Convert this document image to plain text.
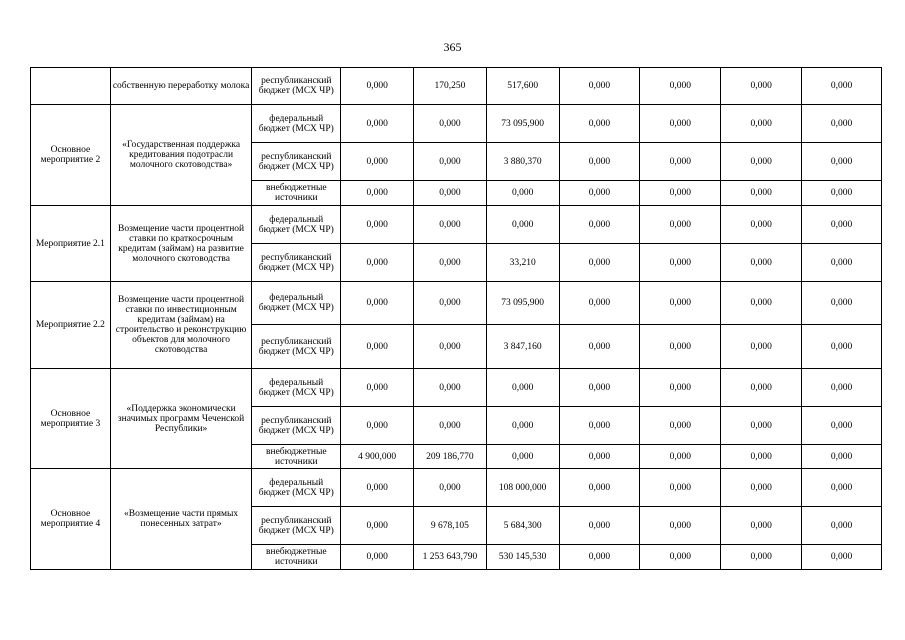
365
	собственную переработку молока	республиканский бюджет (МСХ ЧР)	0,000	170,250	517,600	0,000	0,000	0,000	0,000
Основное мероприятие 2	«Государственная поддержка кредитования подотрасли молочного скотоводства»	федеральный бюджет (МСХ ЧР)	0,000	0,000	73 095,900	0,000	0,000	0,000	0,000
		республиканский бюджет (МСХ ЧР)	0,000	0,000	3 880,370	0,000	0,000	0,000	0,000
		внебюджетные источники	0,000	0,000	0,000	0,000	0,000	0,000	0,000
Мероприятие 2.1	Возмещение части процентной ставки по краткосрочным кредитам (займам) на развитие молочного скотоводства	федеральный бюджет (МСХ ЧР)	0,000	0,000	0,000	0,000	0,000	0,000	0,000
		республиканский бюджет (МСХ ЧР)	0,000	0,000	33,210	0,000	0,000	0,000	0,000
Мероприятие 2.2	Возмещение части процентной ставки по инвестиционным кредитам (займам) на строительство и реконструкцию объектов для молочного скотоводства	федеральный бюджет (МСХ ЧР)	0,000	0,000	73 095,900	0,000	0,000	0,000	0,000
		республиканский бюджет (МСХ ЧР)	0,000	0,000	3 847,160	0,000	0,000	0,000	0,000
Основное мероприятие 3	«Поддержка экономически значимых программ Чеченской Республики»	федеральный бюджет (МСХ ЧР)	0,000	0,000	0,000	0,000	0,000	0,000	0,000
		республиканский бюджет (МСХ ЧР)	0,000	0,000	0,000	0,000	0,000	0,000	0,000
		внебюджетные источники	4 900,000	209 186,770	0,000	0,000	0,000	0,000	0,000
Основное мероприятие 4	«Возмещение части прямых понесенных затрат»	федеральный бюджет (МСХ ЧР)	0,000	0,000	108 000,000	0,000	0,000	0,000	0,000
		республиканский бюджет (МСХ ЧР)	0,000	9 678,105	5 684,300	0,000	0,000	0,000	0,000
		внебюджетные источники	0,000	1 253 643,790	530 145,530	0,000	0,000	0,000	0,000
